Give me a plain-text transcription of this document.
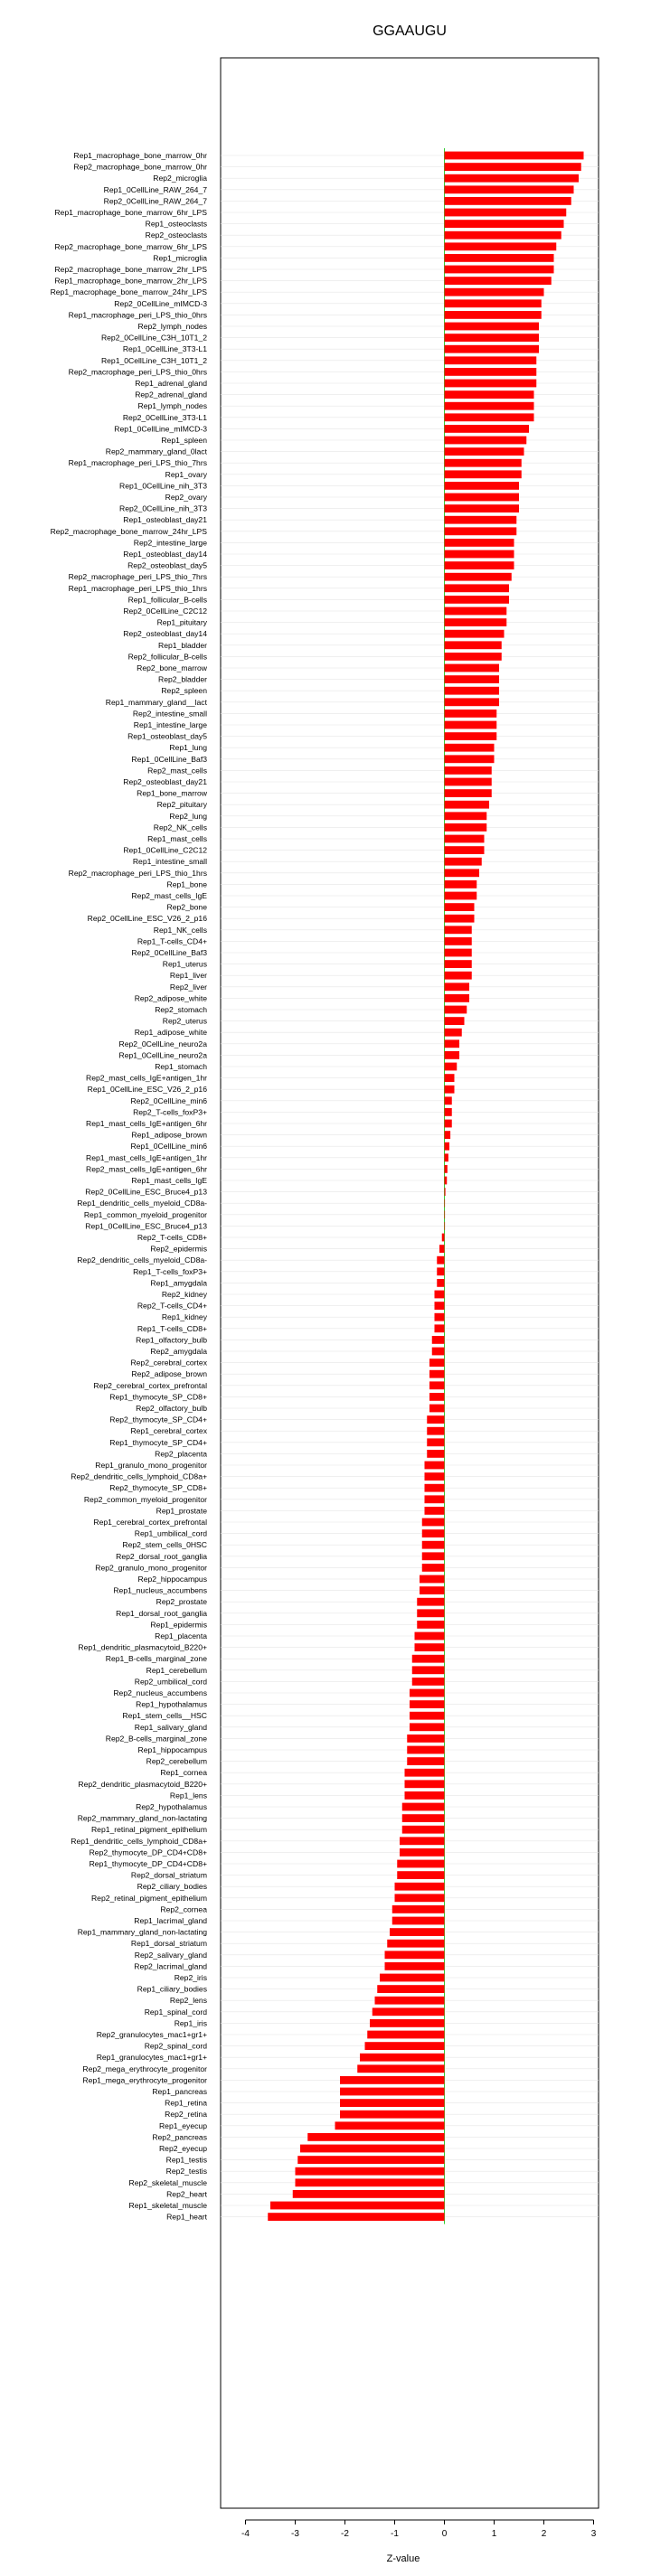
GGAAUGU
Rep1_macrophage_bone_marrow_0hr
Rep2_macrophage_bone_marrow_0hr
Rep2_microglia
Rep1_0CellLine_RAW_264_7
Rep2_0CellLine_RAW_264_7
Rep1_macrophage_bone_marrow_6hr_LPS
Rep1_osteoclasts
Rep2_osteoclasts
Rep2_macrophage_bone_marrow_6hr_LPS
Rep1_microglia
Rep2_macrophage_bone_marrow_2hr_LPS
Rep1_macrophage_bone_marrow_2hr_LPS
Rep1_macrophage_bone_marrow_24hr_LPS
Rep2_0CellLine_mIMCD-3
Rep1_macrophage_peri_LPS_thio_0hrs
Rep2_lymph_nodes
Rep2_0CellLine_C3H_10T1_2
Rep1_0CellLine_3T3-L1
Rep1_0CellLine_C3H_10T1_2
Rep2_macrophage_peri_LPS_thio_0hrs
Rep1_adrenal_gland
Rep2_adrenal_gland
Rep1_lymph_nodes
Rep2_0CellLine_3T3-L1
Rep1_0CellLine_mIMCD-3
Rep1_spleen
Rep2_mammary_gland_0lact
Rep1_macrophage_peri_LPS_thio_7hrs
Rep1_ovary
Rep1_0CellLine_nih_3T3
Rep2_ovary
Rep2_0CellLine_nih_3T3
Rep1_osteoblast_day21
Rep2_macrophage_bone_marrow_24hr_LPS
Rep2_intestine_large
Rep1_osteoblast_day14
Rep2_osteoblast_day5
Rep2_macrophage_peri_LPS_thio_7hrs
Rep1_macrophage_peri_LPS_thio_1hrs
Rep1_follicular_B-cells
Rep2_0CellLine_C2C12
Rep1_pituitary
Rep2_osteoblast_day14
Rep1_bladder
Rep2_follicular_B-cells
Rep2_bone_marrow
Rep2_bladder
Rep2_spleen
Rep1_mammary_gland__lact
Rep2_intestine_small
Rep1_intestine_large
Rep1_osteoblast_day5
Rep1_lung
Rep1_0CellLine_Baf3
Rep2_mast_cells
Rep2_osteoblast_day21
Rep1_bone_marrow
Rep2_pituitary
Rep2_lung
Rep2_NK_cells
Rep1_mast_cells
Rep1_0CellLine_C2C12
Rep1_intestine_small
Rep2_macrophage_peri_LPS_thio_1hrs
Rep1_bone
Rep2_mast_cells_IgE
Rep2_bone
Rep2_0CellLine_ESC_V26_2_p16
Rep1_NK_cells
Rep1_T-cells_CD4+
Rep2_0CellLine_Baf3
Rep1_uterus
Rep1_liver
Rep2_liver
Rep2_adipose_white
Rep2_stomach
Rep2_uterus
Rep1_adipose_white
Rep2_0CellLine_neuro2a
Rep1_0CellLine_neuro2a
Rep1_stomach
Rep2_mast_cells_IgE+antigen_1hr
Rep1_0CellLine_ESC_V26_2_p16
Rep2_0CellLine_min6
Rep2_T-cells_foxP3+
Rep1_mast_cells_IgE+antigen_6hr
Rep1_adipose_brown
Rep1_0CellLine_min6
Rep1_mast_cells_IgE+antigen_1hr
Rep2_mast_cells_IgE+antigen_6hr
Rep1_mast_cells_IgE
Rep2_0CellLine_ESC_Bruce4_p13
Rep1_dendritic_cells_myeloid_CD8a-
Rep1_common_myeloid_progenitor
Rep1_0CellLine_ESC_Bruce4_p13
Rep2_T-cells_CD8+
Rep2_epidermis
Rep2_dendritic_cells_myeloid_CD8a-
Rep1_T-cells_foxP3+
Rep1_amygdala
Rep2_kidney
Rep2_T-cells_CD4+
Rep1_kidney
Rep1_T-cells_CD8+
Rep1_olfactory_bulb
Rep2_amygdala
Rep2_cerebral_cortex
Rep2_adipose_brown
Rep2_cerebral_cortex_prefrontal
Rep1_thymocyte_SP_CD8+
Rep2_olfactory_bulb
Rep2_thymocyte_SP_CD4+
Rep1_cerebral_cortex
Rep1_thymocyte_SP_CD4+
Rep2_placenta
Rep1_granulo_mono_progenitor
Rep2_dendritic_cells_lymphoid_CD8a+
Rep2_thymocyte_SP_CD8+
Rep2_common_myeloid_progenitor
Rep1_prostate
Rep1_cerebral_cortex_prefrontal
Rep1_umbilical_cord
Rep2_stem_cells_0HSC
Rep2_dorsal_root_ganglia
Rep2_granulo_mono_progenitor
Rep2_hippocampus
Rep1_nucleus_accumbens
Rep2_prostate
Rep1_dorsal_root_ganglia
Rep1_epidermis
Rep1_placenta
Rep1_dendritic_plasmacytoid_B220+
Rep1_B-cells_marginal_zone
Rep1_cerebellum
Rep2_umbilical_cord
Rep2_nucleus_accumbens
Rep1_hypothalamus
Rep1_stem_cells__HSC
Rep1_salivary_gland
Rep2_B-cells_marginal_zone
Rep1_hippocampus
Rep2_cerebellum
Rep1_cornea
Rep2_dendritic_plasmacytoid_B220+
Rep1_lens
Rep2_hypothalamus
Rep2_mammary_gland_non-lactating
Rep1_retinal_pigment_epithelium
Rep1_dendritic_cells_lymphoid_CD8a+
Rep2_thymocyte_DP_CD4+CD8+
Rep1_thymocyte_DP_CD4+CD8+
Rep2_dorsal_striatum
Rep2_ciliary_bodies
Rep2_retinal_pigment_epithelium
Rep2_cornea
Rep1_lacrimal_gland
Rep1_mammary_gland_non-lactating
Rep1_dorsal_striatum
Rep2_salivary_gland
Rep2_lacrimal_gland
Rep2_iris
Rep1_ciliary_bodies
Rep2_lens
Rep1_spinal_cord
Rep1_iris
Rep2_granulocytes_mac1+gr1+
Rep2_spinal_cord
Rep1_granulocytes_mac1+gr1+
Rep2_mega_erythrocyte_progenitor
Rep1_mega_erythrocyte_progenitor
Rep1_pancreas
Rep1_retina
Rep2_retina
Rep1_eyecup
Rep2_pancreas
Rep2_eyecup
Rep1_testis
Rep2_testis
Rep2_skeletal_muscle
Rep2_heart
Rep1_skeletal_muscle
Rep1_heart
-4	-3	-2	-1	0	1	2	3
Z-value
